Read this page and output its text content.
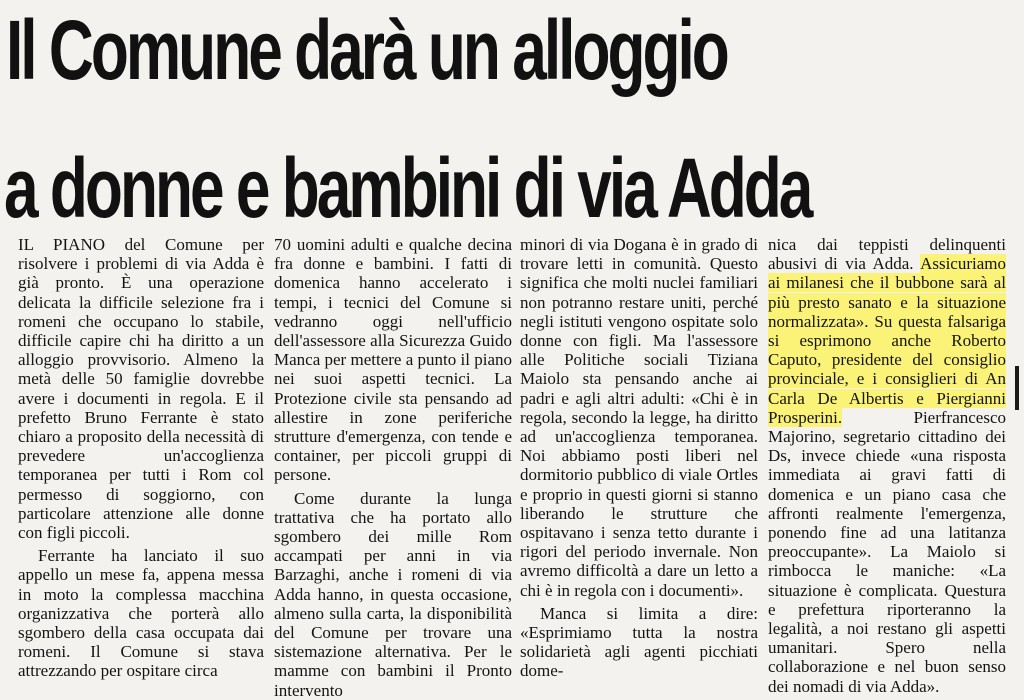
Il Comune darà un alloggio
a donne e bambini di via Adda

IL PIANO del Comune per risolvere i problemi di via Adda è già pronto. È una operazione delicata la difficile selezione fra i romeni che occupano lo stabile, difficile capire chi ha diritto a un alloggio provvisorio. Almeno la metà delle 50 famiglie dovrebbe avere i documenti in regola. E il prefetto Bruno Ferrante è stato chiaro a proposito della necessità di prevedere un'accoglienza temporanea per tutti i Rom col permesso di soggiorno, con particolare attenzione alle donne con figli piccoli.

Ferrante ha lanciato il suo appello un mese fa, appena messa in moto la complessa macchina organizzativa che porterà allo sgombero della casa occupata dai romeni. Il Comune si stava attrezzando per ospitare circa

70 uomini adulti e qualche decina fra donne e bambini. I fatti di domenica hanno accelerato i tempi, i tecnici del Comune si vedranno oggi nell'ufficio dell'assessore alla Sicurezza Guido Manca per mettere a punto il piano nei suoi aspetti tecnici. La Protezione civile sta pensando ad allestire in zone periferiche strutture d'emergenza, con tende e container, per piccoli gruppi di persone.

Come durante la lunga trattativa che ha portato allo sgombero dei mille Rom accampati per anni in via Barzaghi, anche i romeni di via Adda hanno, in questa occasione, almeno sulla carta, la disponibilità del Comune per trovare una sistemazione alternativa. Per le mamme con bambini il Pronto intervento

minori di via Dogana è in grado di trovare letti in comunità. Questo significa che molti nuclei familiari non potranno restare uniti, perché negli istituti vengono ospitate solo donne con figli. Ma l'assessore alle Politiche sociali Tiziana Maiolo sta pensando anche ai padri e agli altri adulti: «Chi è in regola, secondo la legge, ha diritto ad un'accoglienza temporanea. Noi abbiamo posti liberi nel dormitorio pubblico di viale Ortles e proprio in questi giorni si stanno liberando le strutture che ospitavano i senza tetto durante i rigori del periodo invernale. Non avremo difficoltà a dare un letto a chi è in regola con i documenti».

Manca si limita a dire: «Esprimiamo tutta la nostra solidarietà agli agenti picchiati dome-

nica dai teppisti delinquenti abusivi di via Adda. Assicuriamo ai milanesi che il bubbone sarà al più presto sanato e la situazione normalizzata». Su questa falsariga si esprimono anche Roberto Caputo, presidente del consiglio provinciale, e i consiglieri di An Carla De Albertis e Piergianni Prosperini. Pierfrancesco Majorino, segretario cittadino dei Ds, invece chiede «una risposta immediata ai gravi fatti di domenica e un piano casa che affronti realmente l'emergenza, ponendo fine ad una latitanza preoccupante». La Maiolo si rimbocca le maniche: «La situazione è complicata. Questura e prefettura riporteranno la legalità, a noi restano gli aspetti umanitari. Spero nella collaborazione e nel buon senso dei nomadi di via Adda».
